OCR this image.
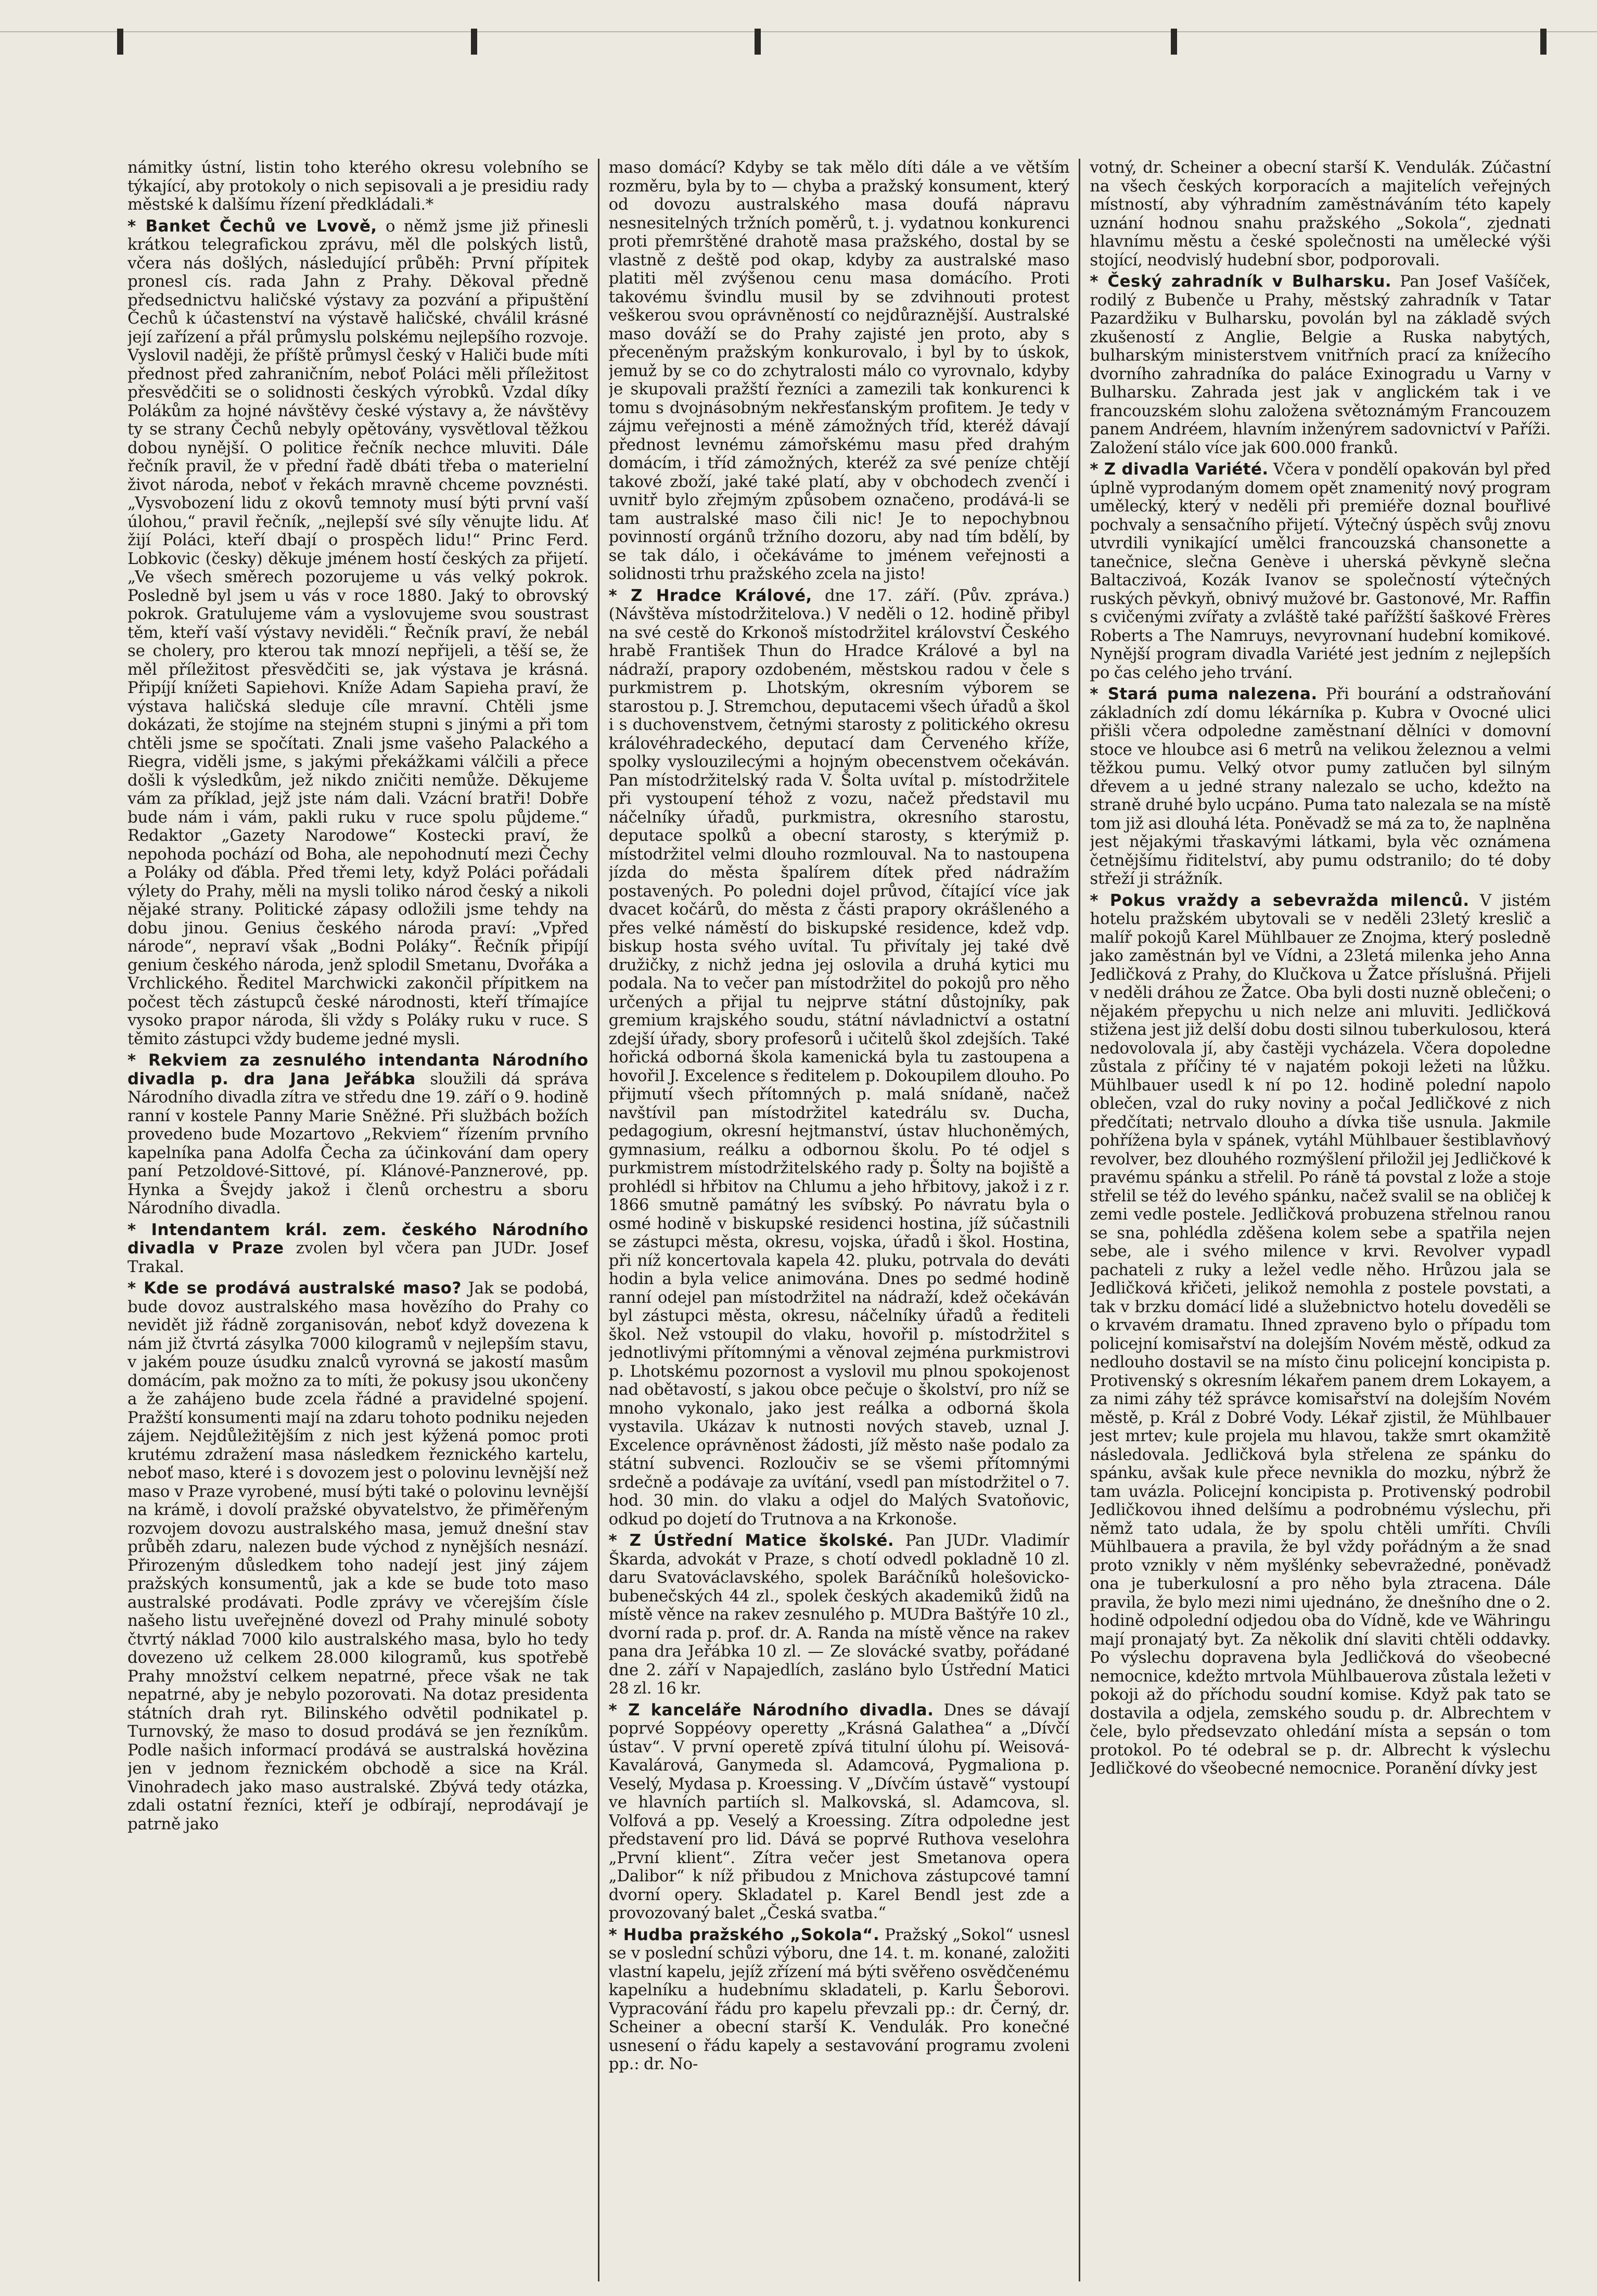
námitky ústní, listin toho kterého okresu volebního se týkající, aby protokoly o nich sepisovali a je presidiu rady městské k dalšímu řízení předkládali.*

* Banket Čechů ve Lvově, o němž jsme již přinesli krátkou telegrafickou zprávu, měl dle polských listů, včera nás došlých, následující průběh: První přípitek pronesl cís. rada Jahn z Prahy. Děkoval předně předsednictvu haličské výstavy za pozvání a připuštění Čechů k účastenství na výstavě haličské, chválil krásné její zařízení a přál průmyslu polskému nejlepšího rozvoje. Vyslovil naději, že příště průmysl český v Haliči bude míti přednost před zahraničním, neboť Poláci měli příležitost přesvědčiti se o solidnosti českých výrobků. Vzdal díky Polákům za hojné návštěvy české výstavy a, že návštěvy ty se strany Čechů nebyly opětovány, vysvětloval těžkou dobou nynější. O politice řečník nechce mluviti. Dále řečník pravil, že v přední řadě dbáti třeba o materielní život národa, neboť v řekách mravně chceme povznésti. „Vysvobození lidu z okovů temnoty musí býti první vaší úlohou,“ pravil řečník, „nejlepší své síly věnujte lidu. Ať žijí Poláci, kteří dbají o prospěch lidu!“ Princ Ferd. Lobkovic (česky) děkuje jménem hostí českých za přijetí. „Ve všech směrech pozorujeme u vás velký pokrok. Posledně byl jsem u vás v roce 1880. Jaký to obrovský pokrok. Gratulujeme vám a vyslovujeme svou soustrast těm, kteří vaší výstavy neviděli.“ Řečník praví, že nebál se cholery, pro kterou tak mnozí nepřijeli, a těší se, že měl příležitost přesvědčiti se, jak výstava je krásná. Připíjí knížeti Sapiehovi. Kníže Adam Sapieha praví, že výstava haličská sleduje cíle mravní. Chtěli jsme dokázati, že stojíme na stejném stupni s jinými a při tom chtěli jsme se spočítati. Znali jsme vašeho Palackého a Riegra, viděli jsme, s jakými překážkami válčili a přece došli k výsledkům, jež nikdo zničiti nemůže. Děkujeme vám za příklad, jejž jste nám dali. Vzácní bratři! Dobře bude nám i vám, pakli ruku v ruce spolu půjdeme.“ Redaktor „Gazety Narodowe“ Kostecki praví, že nepohoda pochází od Boha, ale nepohodnutí mezi Čechy a Poláky od ďábla. Před třemi lety, když Poláci pořádali výlety do Prahy, měli na mysli toliko národ český a nikoli nějaké strany. Politické zápasy odložili jsme tehdy na dobu jinou. Genius českého národa praví: „Vpřed národe“, nepraví však „Bodni Poláky“. Řečník připíjí genium českého národa, jenž splodil Smetanu, Dvořáka a Vrchlického. Ředitel Marchwicki zakončil přípitkem na počest těch zástupců české národnosti, kteří třímajíce vysoko prapor národa, šli vždy s Poláky ruku v ruce. S těmito zástupci vždy budeme jedné mysli.

* Rekviem za zesnulého intendanta Národního divadla p. dra Jana Jeřábka sloužili dá správa Národního divadla zítra ve středu dne 19. září o 9. hodině ranní v kostele Panny Marie Sněžné. Při službách božích provedeno bude Mozartovo „Rekviem“ řízením prvního kapelníka pana Adolfa Čecha za účinkování dam opery paní Petzoldové-Sittové, pí. Klánové-Panznerové, pp. Hynka a Švejdy jakož i členů orchestru a sboru Národního divadla.

* Intendantem král. zem. českého Národního divadla v Praze zvolen byl včera pan JUDr. Josef Trakal.

* Kde se prodává australské maso? Jak se podobá, bude dovoz australského masa hovězího do Prahy co nevidět již řádně zorganisován, neboť když dovezena k nám již čtvrtá zásylka 7000 kilogramů v nejlepším stavu, v jakém pouze úsudku znalců vyrovná se jakostí masům domácím, pak možno za to míti, že pokusy jsou ukončeny a že zahájeno bude zcela řádné a pravidelné spojení. Pražští konsumenti mají na zdaru tohoto podniku nejeden zájem. Nejdůležitějším z nich jest kýžená pomoc proti krutému zdražení masa následkem řeznického kartelu, neboť maso, které i s dovozem jest o polovinu levnější než maso v Praze vyrobené, musí býti také o polovinu levnější na krámě, i dovolí pražské obyvatelstvo, že přiměřeným rozvojem dovozu australského masa, jemuž dnešní stav průběh zdaru, nalezen bude východ z nynějších nesnází. Přirozeným důsledkem toho nadejí jest jiný zájem pražských konsumentů, jak a kde se bude toto maso australské prodávati. Podle zprávy ve včerejším čísle našeho listu uveřejněné dovezl od Prahy minulé soboty čtvrtý náklad 7000 kilo australského masa, bylo ho tedy dovezeno už celkem 28.000 kilogramů, kus spotřebě Prahy množství celkem nepatrné, přece však ne tak nepatrné, aby je nebylo pozorovati. Na dotaz presidenta státních drah ryt. Bilinského odvětil podnikatel p. Turnovský, že maso to dosud prodává se jen řezníkům. Podle našich informací prodává se australská hovězina jen v jednom řeznickém obchodě a sice na Král. Vinohradech jako maso australské. Zbývá tedy otázka, zdali ostatní řezníci, kteří je odbírají, neprodávají je patrně jako

maso domácí? Kdyby se tak mělo díti dále a ve větším rozměru, byla by to — chyba a pražský konsument, který od dovozu australského masa doufá nápravu nesnesitelných tržních poměrů, t. j. vydatnou konkurenci proti přemrštěné drahotě masa pražského, dostal by se vlastně z deště pod okap, kdyby za australské maso platiti měl zvýšenou cenu masa domácího. Proti takovému švindlu musil by se zdvihnouti protest veškerou svou oprávněností co nejdůraznější. Australské maso dováží se do Prahy zajisté jen proto, aby s přeceněným pražským konkurovalo, i byl by to úskok, jemuž by se co do zchytralosti málo co vyrovnalo, kdyby je skupovali pražští řezníci a zamezili tak konkurenci k tomu s dvojnásobným nekřesťanským profitem. Je tedy v zájmu veřejnosti a méně zámožných tříd, kteréž dávají přednost levnému zámořskému masu před drahým domácím, i tříd zámožných, kteréž za své peníze chtějí takové zboží, jaké také platí, aby v obchodech zvenčí i uvnitř bylo zřejmým způsobem označeno, prodává-li se tam australské maso čili nic! Je to nepochybnou povinností orgánů tržního dozoru, aby nad tím bdělí, by se tak dálo, i očekáváme to jménem veřejnosti a solidnosti trhu pražského zcela na jisto!

* Z Hradce Králové, dne 17. září. (Pův. zpráva.) (Návštěva místodržitelova.) V neděli o 12. hodině přibyl na své cestě do Krkonoš místodržitel království Českého hrabě František Thun do Hradce Králové a byl na nádraží, prapory ozdobeném, městskou radou v čele s purkmistrem p. Lhotským, okresním výborem se starostou p. J. Stremchou, deputacemi všech úřadů a škol i s duchovenstvem, četnými starosty z politického okresu královéhradeckého, deputací dam Červeného kříže, spolky vyslouzilecými a hojným obecenstvem očekáván. Pan místodržitelský rada V. Šolta uvítal p. místodržitele při vystoupení téhož z vozu, načež představil mu náčelníky úřadů, purkmistra, okresního starostu, deputace spolků a obecní starosty, s kterýmiž p. místodržitel velmi dlouho rozmlouval. Na to nastoupena jízda do města špalírem dítek před nádražím postavených. Po poledni dojel průvod, čítající více jak dvacet kočárů, do města z části prapory okrášleného a přes velké náměstí do biskupské residence, kdež vdp. biskup hosta svého uvítal. Tu přivítaly jej také dvě družičky, z nichž jedna jej oslovila a druhá kytici mu podala. Na to večer pan místodržitel do pokojů pro něho určených a přijal tu nejprve státní důstojníky, pak gremium krajského soudu, státní návladnictví a ostatní zdejší úřady, sbory profesorů i učitelů škol zdejších. Také hořická odborná škola kamenická byla tu zastoupena a hovořil J. Excelence s ředitelem p. Dokoupilem dlouho. Po přijmutí všech přítomných p. malá snídaně, načež navštívil pan místodržitel katedrálu sv. Ducha, pedagogium, okresní hejtmanství, ústav hluchoněmých, gymnasium, reálku a odbornou školu. Po té odjel s purkmistrem místodržitelského rady p. Šolty na bojiště a prohlédl si hřbitov na Chlumu a jeho hřbitovy, jakož i z r. 1866 smutně památný les svíbský. Po návratu byla o osmé hodině v biskupské residenci hostina, jíž súčastnili se zástupci města, okresu, vojska, úřadů i škol. Hostina, při níž koncertovala kapela 42. pluku, potrvala do deváti hodin a byla velice animována. Dnes po sedmé hodině ranní odejel pan místodržitel na nádraží, kdež očekáván byl zástupci města, okresu, náčelníky úřadů a řediteli škol. Než vstoupil do vlaku, hovořil p. místodržitel s jednotlivými přítomnými a věnoval zejména purkmistrovi p. Lhotskému pozornost a vyslovil mu plnou spokojenost nad obětavostí, s jakou obce pečuje o školství, pro níž se mnoho vykonalo, jako jest reálka a odborná škola vystavila. Ukázav k nutnosti nových staveb, uznal J. Excelence oprávněnost žádosti, jíž město naše podalo za státní subvenci. Rozloučiv se se všemi přítomnými srdečně a podávaje za uvítání, vsedl pan místodržitel o 7. hod. 30 min. do vlaku a odjel do Malých Svatoňovic, odkud po dojetí do Trutnova a na Krkonoše.

* Z Ústřední Matice školské. Pan JUDr. Vladimír Škarda, advokát v Praze, s chotí odvedl pokladně 10 zl. daru Svatováclavského, spolek Baráčníků holešovicko-bubenečských 44 zl., spolek českých akademiků židů na místě věnce na rakev zesnulého p. MUDra Baštýře 10 zl., dvorní rada p. prof. dr. A. Randa na místě věnce na rakev pana dra Jeřábka 10 zl. — Ze slovácké svatby, pořádané dne 2. září v Napajedlích, zasláno bylo Ústřední Matici 28 zl. 16 kr.

* Z kanceláře Národního divadla. Dnes se dávají poprvé Soppéovy operetty „Krásná Galathea“ a „Dívčí ústav“. V první operetě zpívá titulní úlohu pí. Weisová-Kavalárová, Ganymeda sl. Adamcová, Pygmaliona p. Veselý, Mydasa p. Kroessing. V „Dívčím ústavě“ vystoupí ve hlavních partiích sl. Malkovská, sl. Adamcova, sl. Volfová a pp. Veselý a Kroessing. Zítra odpoledne jest představení pro lid. Dává se poprvé Ruthova veselohra „První klient“. Zítra večer jest Smetanova opera „Dalibor“ k níž přibudou z Mnichova zástupcové tamní dvorní opery. Skladatel p. Karel Bendl jest zde a provozovaný balet „Česká svatba.“

* Hudba pražského „Sokola“. Pražský „Sokol“ usnesl se v poslední schůzi výboru, dne 14. t. m. konané, založiti vlastní kapelu, jejíž zřízení má býti svěřeno osvědčenému kapelníku a hudebnímu skladateli, p. Karlu Šeborovi. Vypracování řádu pro kapelu převzali pp.: dr. Černý, dr. Scheiner a obecní starší K. Vendulák. Pro konečné usnesení o řádu kapely a sestavování programu zvoleni pp.: dr. No-

votný, dr. Scheiner a obecní starší K. Vendulák. Zúčastní na všech českých korporacích a majitelích veřejných místností, aby výhradním zaměstnáváním této kapely uznání hodnou snahu pražského „Sokola“, zjednati hlavnímu městu a české společnosti na umělecké výši stojící, neodvislý hudební sbor, podporovali.

* Český zahradník v Bulharsku. Pan Josef Vašíček, rodilý z Bubenče u Prahy, městský zahradník v Tatar Pazardžiku v Bulharsku, povolán byl na základě svých zkušeností z Anglie, Belgie a Ruska nabytých, bulharským ministerstvem vnitřních prací za knížecího dvorního zahradníka do paláce Exinogradu u Varny v Bulharsku. Zahrada jest jak v anglickém tak i ve francouzském slohu založena světoznámým Francouzem panem Andréem, hlavním inženýrem sadovnictví v Paříži. Založení stálo více jak 600.000 franků.

* Z divadla Variété. Včera v pondělí opakován byl před úplně vyprodaným domem opět znamenitý nový program umělecký, který v neděli při premiéře doznal bouřlivé pochvaly a sensačního přijetí. Výtečný úspěch svůj znovu utvrdili vynikající umělci francouzská chansonette a tanečnice, slečna Genève i uherská pěvkyně slečna Baltaczivoá, Kozák Ivanov se společností výtečných ruských pěvkyň, obnivý mužové br. Gastonové, Mr. Raffin s cvičenými zvířaty a zvláště také pařížští šaškové Frères Roberts a The Namruys, nevyrovnaní hudební komikové. Nynější program divadla Variété jest jedním z nejlepších po čas celého jeho trvání.

* Stará puma nalezena. Při bourání a odstraňování základních zdí domu lékárníka p. Kubra v Ovocné ulici přišli včera odpoledne zaměstnaní dělníci v domovní stoce ve hloubce asi 6 metrů na velikou železnou a velmi těžkou pumu. Velký otvor pumy zatlučen byl silným dřevem a u jedné strany nalezalo se ucho, kdežto na straně druhé bylo ucpáno. Puma tato nalezala se na místě tom již asi dlouhá léta. Poněvadž se má za to, že naplněna jest nějakými třaskavými látkami, byla věc oznámena četnějšímu řiditelství, aby pumu odstranilo; do té doby střeží ji strážník.

* Pokus vraždy a sebevražda milenců. V jistém hotelu pražském ubytovali se v neděli 23letý kreslič a malíř pokojů Karel Mühlbauer ze Znojma, který posledně jako zaměstnán byl ve Vídni, a 23letá milenka jeho Anna Jedličková z Prahy, do Klučkova u Žatce příslušná. Přijeli v neděli dráhou ze Žatce. Oba byli dosti nuzně oblečeni; o nějakém přepychu u nich nelze ani mluviti. Jedličková stižena jest již delší dobu dosti silnou tuberkulosou, která nedovolovala jí, aby častěji vycházela. Včera dopoledne zůstala z příčiny té v najatém pokoji ležeti na lůžku. Mühlbauer usedl k ní po 12. hodině polední napolo oblečen, vzal do ruky noviny a počal Jedličkové z nich předčítati; netrvalo dlouho a dívka tiše usnula. Jakmile pohřížena byla v spánek, vytáhl Mühlbauer šestiblavňový revolver, bez dlouhého rozmýšlení přiložil jej Jedličkové k pravému spánku a střelil. Po ráně tá povstal z lože a stoje střelil se též do levého spánku, načež svalil se na obličej k zemi vedle postele. Jedličková probuzena střelnou ranou se sna, pohlédla zděšena kolem sebe a spatřila nejen sebe, ale i svého milence v krvi. Revolver vypadl pachateli z ruky a ležel vedle něho. Hrůzou jala se Jedličková křičeti, jelikož nemohla z postele povstati, a tak v brzku domácí lidé a služebnictvo hotelu doveděli se o krvavém dramatu. Ihned zpraveno bylo o případu tom policejní komisařství na dolejším Novém městě, odkud za nedlouho dostavil se na místo činu policejní koncipista p. Protivenský s okresním lékařem panem drem Lokayem, a za nimi záhy též správce komisařství na dolejším Novém městě, p. Král z Dobré Vody. Lékař zjistil, že Mühlbauer jest mrtev; kule projela mu hlavou, takže smrt okamžitě následovala. Jedličková byla střelena ze spánku do spánku, avšak kule přece nevnikla do mozku, nýbrž že tam uvázla. Policejní koncipista p. Protivenský podrobil Jedličkovou ihned delšímu a podrobnému výslechu, při němž tato udala, že by spolu chtěli umříti. Chvíli Mühlbauera a pravila, že byl vždy pořádným a že snad proto vznikly v něm myšlénky sebevražedné, poněvadž ona je tuberkulosní a pro něho byla ztracena. Dále pravila, že bylo mezi nimi ujednáno, že dnešního dne o 2. hodině odpolední odjedou oba do Vídně, kde ve Währingu mají pronajatý byt. Za několik dní slaviti chtěli oddavky. Po výslechu dopravena byla Jedličková do všeobecné nemocnice, kdežto mrtvola Mühlbauerova zůstala ležeti v pokoji až do příchodu soudní komise. Když pak tato se dostavila a odjela, zemského soudu p. dr. Albrechtem v čele, bylo předsevzato ohledání místa a sepsán o tom protokol. Po té odebral se p. dr. Albrecht k výslechu Jedličkové do všeobecné nemocnice. Poranění dívky jest
